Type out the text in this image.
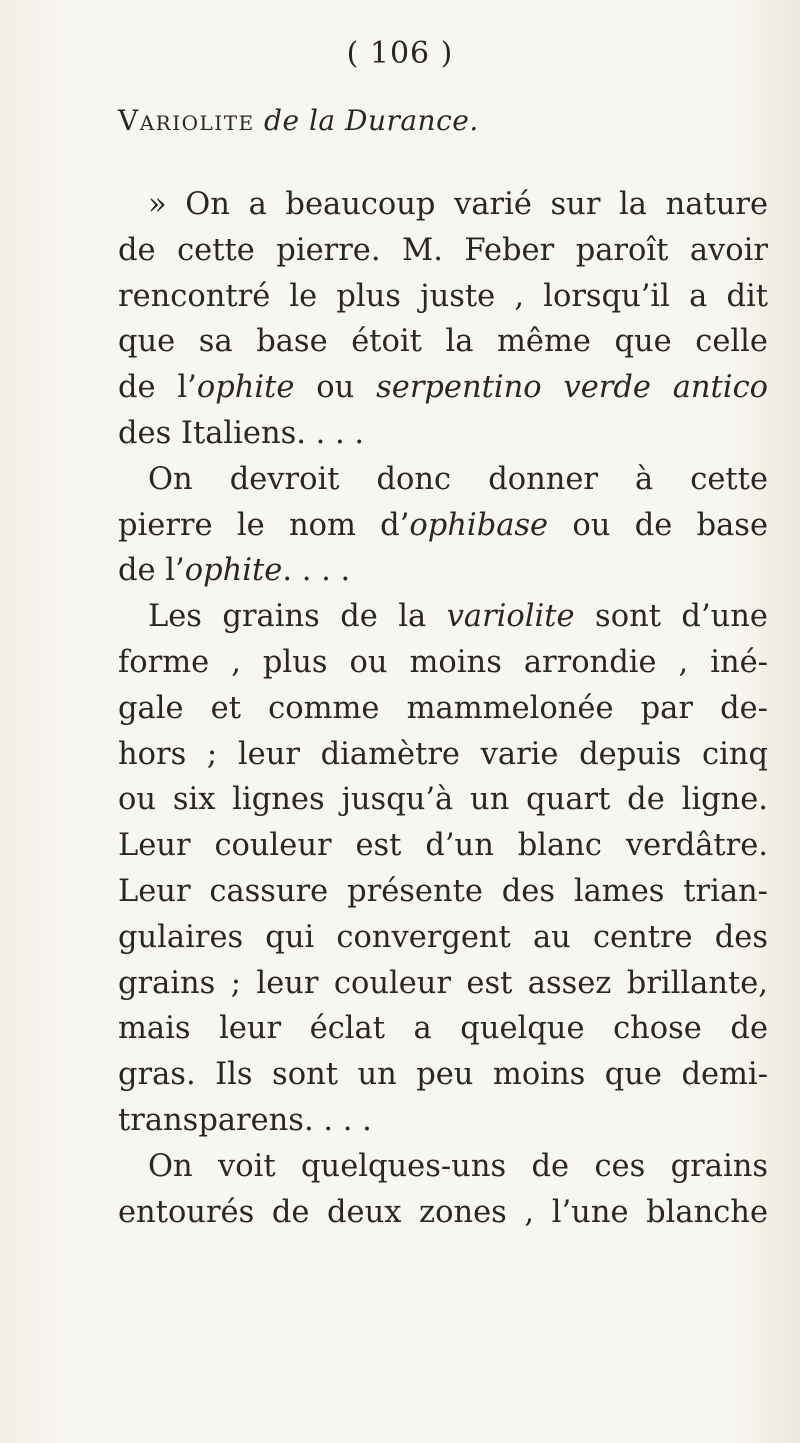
( 106 )
Variolite de la Durance.
» On a beaucoup varié sur la nature
de cette pierre. M. Feber paroît avoir
rencontré le plus juste , lorsqu’il a dit
que sa base étoit la même que celle
de l’ophite ou serpentino verde antico
des Italiens. . . .
On devroit donc donner à cette
pierre le nom d’ophibase ou de base
de l’ophite. . . .
Les grains de la variolite sont d’une
forme , plus ou moins arrondie , iné-
gale et comme mammelonée par de-
hors ; leur diamètre varie depuis cinq
ou six lignes jusqu’à un quart de ligne.
Leur couleur est d’un blanc verdâtre.
Leur cassure présente des lames trian-
gulaires qui convergent au centre des
grains ; leur couleur est assez brillante,
mais leur éclat a quelque chose de
gras. Ils sont un peu moins que demi-
transparens. . . .
On voit quelques-uns de ces grains
entourés de deux zones , l’une blanche
